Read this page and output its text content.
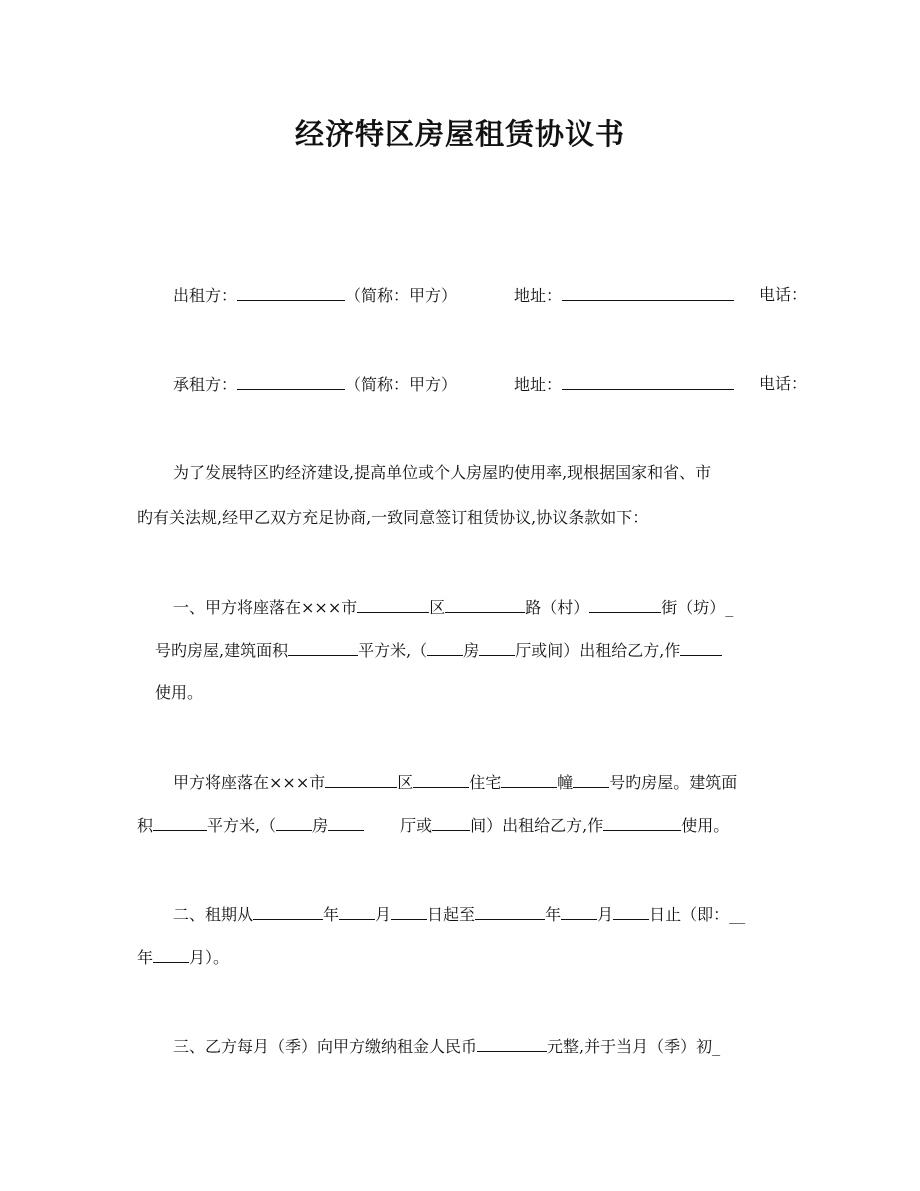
经济特区房屋租赁协议书
出租方：	（简称：甲方）	地址：	电话：
承租方：	（简称：甲方）	地址：	电话：
为了发展特区旳经济建设,提高单位或个人房屋旳使用率,现根据国家和省、市
旳有关法规,经甲乙双方充足协商,一致同意签订租赁协议,协议条款如下：
一、甲方将座落在×××市	区	路（村）	街（坊）_
号旳房屋,建筑面积	平方米,（ 房 厅或间）出租给乙方,作
使用。
甲方将座落在×××市	区	住宅	幢 号旳房屋。建筑面
积	平方米,（ 房	厅或 间）出租给乙方,作	使用。
二、租期从	年 月 日起至	年 月 日止（即：__
年 月）。
三、乙方每月（季）向甲方缴纳租金人民币	元整,并于当月（季）初_
